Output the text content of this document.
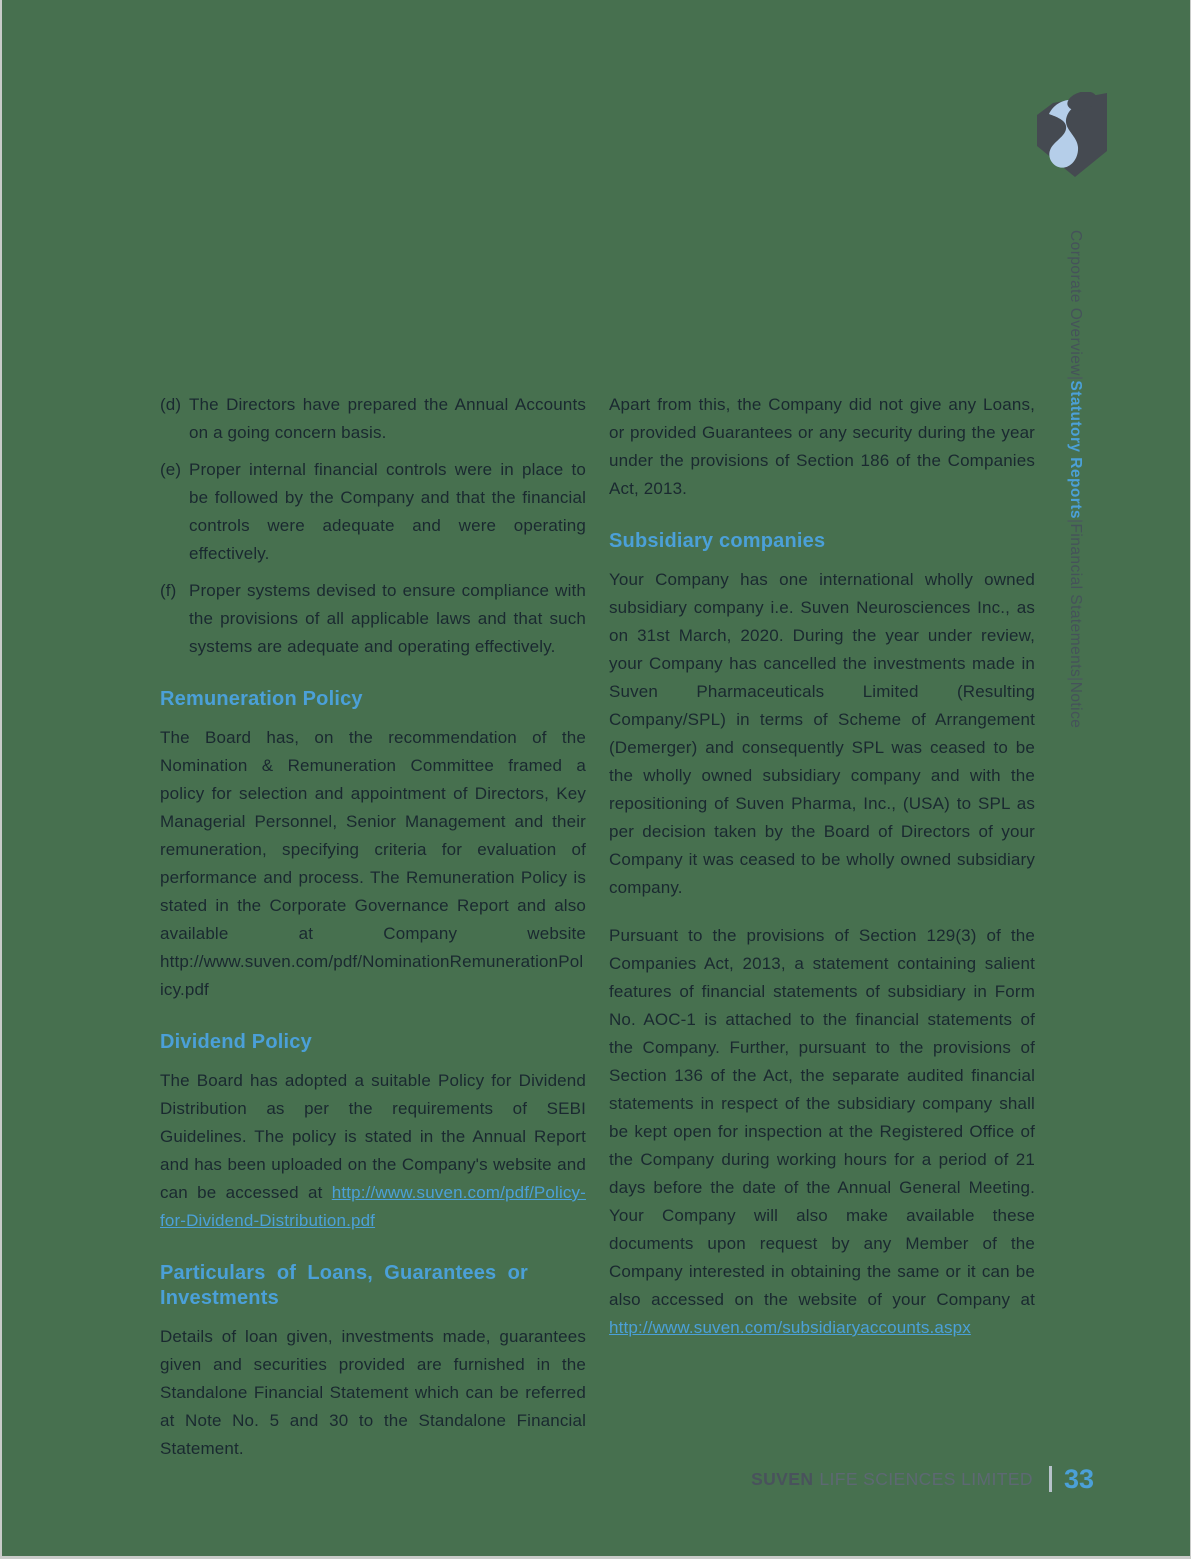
Corporate Overview|Statutory Reports|Financial Statements|Notice
(d) The Directors have prepared the Annual Accounts on a going concern basis.
(e) Proper internal financial controls were in place to be followed by the Company and that the financial controls were adequate and were operating effectively.
(f) Proper systems devised to ensure compliance with the provisions of all applicable laws and that such systems are adequate and operating effectively.
Remuneration Policy

The Board has, on the recommendation of the Nomination & Remuneration Committee framed a policy for selection and appointment of Directors, Key Managerial Personnel, Senior Management and their remuneration, specifying criteria for evaluation of performance and process. The Remuneration Policy is stated in the Corporate Governance Report and also available at Company website http://www.suven.com/pdf/NominationRemunerationPolicy.pdf

Dividend Policy

The Board has adopted a suitable Policy for Dividend Distribution as per the requirements of SEBI Guidelines. The policy is stated in the Annual Report and has been uploaded on the Company's website and can be accessed at http://www.suven.com/pdf/Policy-for-Dividend-Distribution.pdf

Particulars of Loans, Guarantees or Investments

Details of loan given, investments made, guarantees given and securities provided are furnished in the Standalone Financial Statement which can be referred at Note No. 5 and 30 to the Standalone Financial Statement.

Apart from this, the Company did not give any Loans, or provided Guarantees or any security during the year under the provisions of Section 186 of the Companies Act, 2013.

Subsidiary companies

Your Company has one international wholly owned subsidiary company i.e. Suven Neurosciences Inc., as on 31st March, 2020. During the year under review, your Company has cancelled the investments made in Suven Pharmaceuticals Limited (Resulting Company/SPL) in terms of Scheme of Arrangement (Demerger) and consequently SPL was ceased to be the wholly owned subsidiary company and with the repositioning of Suven Pharma, Inc., (USA) to SPL as per decision taken by the Board of Directors of your Company it was ceased to be wholly owned subsidiary company.

Pursuant to the provisions of Section 129(3) of the Companies Act, 2013, a statement containing salient features of financial statements of subsidiary in Form No. AOC-1 is attached to the financial statements of the Company. Further, pursuant to the provisions of Section 136 of the Act, the separate audited financial statements in respect of the subsidiary company shall be kept open for inspection at the Registered Office of the Company during working hours for a period of 21 days before the date of the Annual General Meeting. Your Company will also make available these documents upon request by any Member of the Company interested in obtaining the same or it can be also accessed on the website of your Company at http://www.suven.com/subsidiaryaccounts.aspx

SUVEN LIFE SCIENCES LIMITED 33
